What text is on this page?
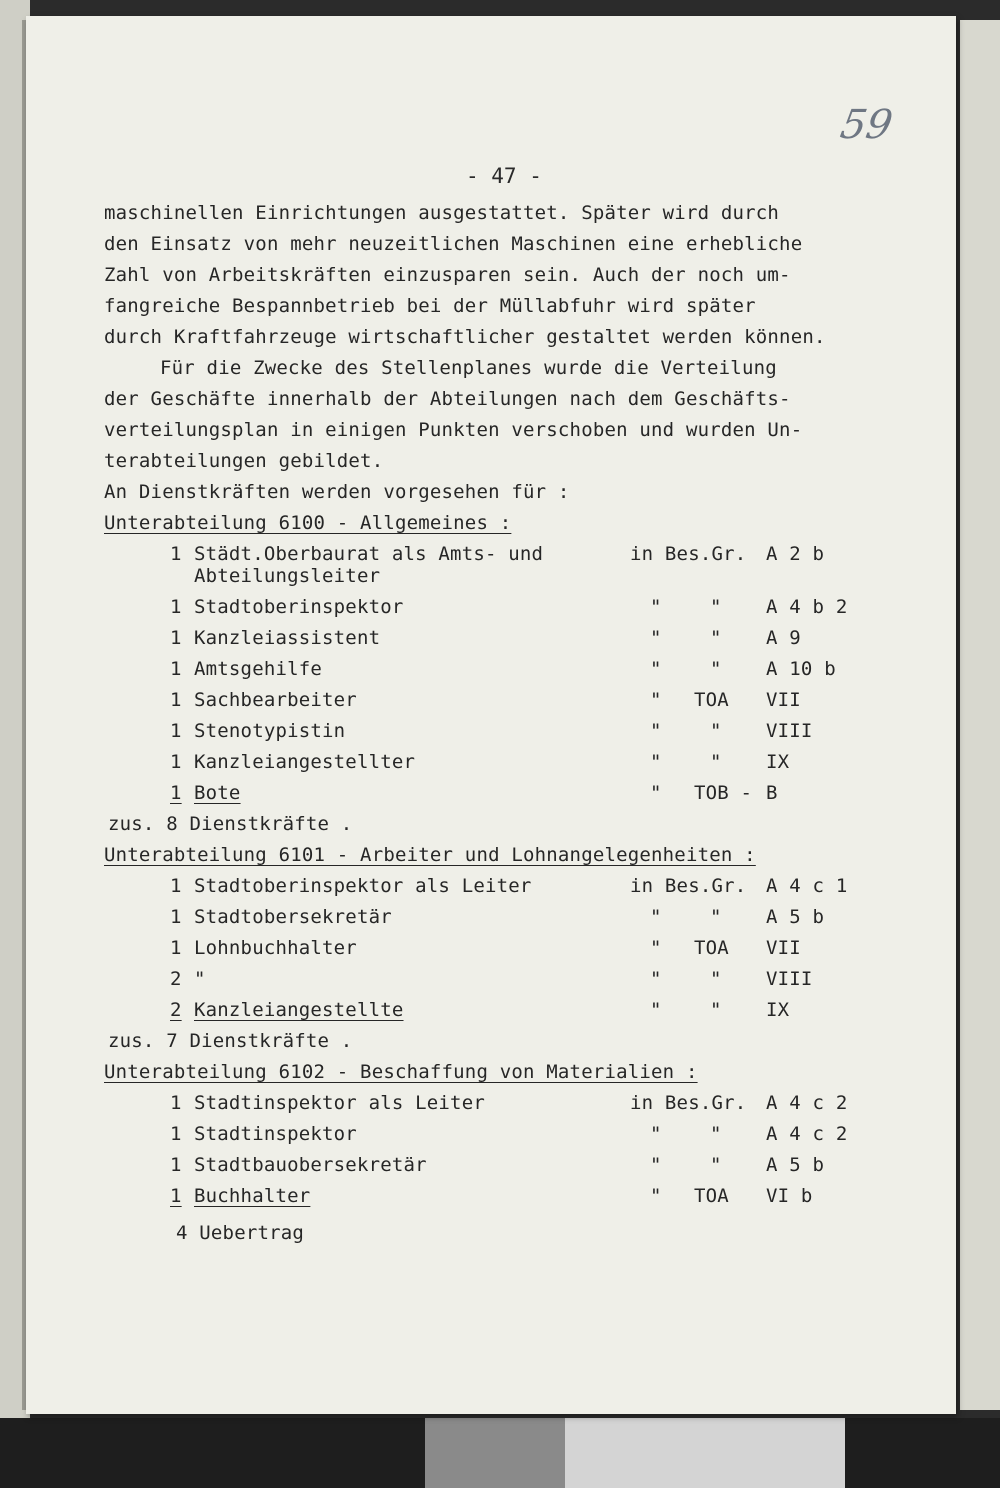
59
- 47 -
maschinellen Einrichtungen ausgestattet. Später wird durch
den Einsatz von mehr neuzeitlichen Maschinen eine erhebliche
Zahl von Arbeitskräften einzusparen sein. Auch der noch um-
fangreiche Bespannbetrieb bei der Müllabfuhr wird später
durch Kraftfahrzeuge wirtschaftlicher gestaltet werden können.
Für die Zwecke des Stellenplanes wurde die Verteilung
der Geschäfte innerhalb der Abteilungen nach dem Geschäfts-
verteilungsplan in einigen Punkten verschoben und wurden Un-
terabteilungen gebildet.
An Dienstkräften werden vorgesehen für :
Unterabteilung 6100 - Allgemeines :
1 Städt.Oberbaurat als Amts- und	in Bes.Gr. A 2 b
Abteilungsleiter
1 Stadtoberinspektor	"	" A 4 b 2
1 Kanzleiassistent	"	" A 9
1 Amtsgehilfe	"	" A 10 b
1 Sachbearbeiter	" TOA VII
1 Stenotypistin	"	" VIII
1 Kanzleiangestellter	"	" IX
1 Bote	" TOB - B
zus. 8 Dienstkräfte .
Unterabteilung 6101 - Arbeiter und Lohnangelegenheiten :
1 Stadtoberinspektor als Leiter	in Bes.Gr. A 4 c 1
1 Stadtobersekretär	"	" A 5 b
1 Lohnbuchhalter	" TOA VII
2 "	"	" VIII
2 Kanzleiangestellte	"	" IX
zus. 7 Dienstkräfte .
Unterabteilung 6102 - Beschaffung von Materialien :
1 Stadtinspektor als Leiter	in Bes.Gr. A 4 c 2
1 Stadtinspektor	"	" A 4 c 2
1 Stadtbauobersekretär	"	" A 5 b
1 Buchhalter	" TOA VI b
4 Uebertrag
